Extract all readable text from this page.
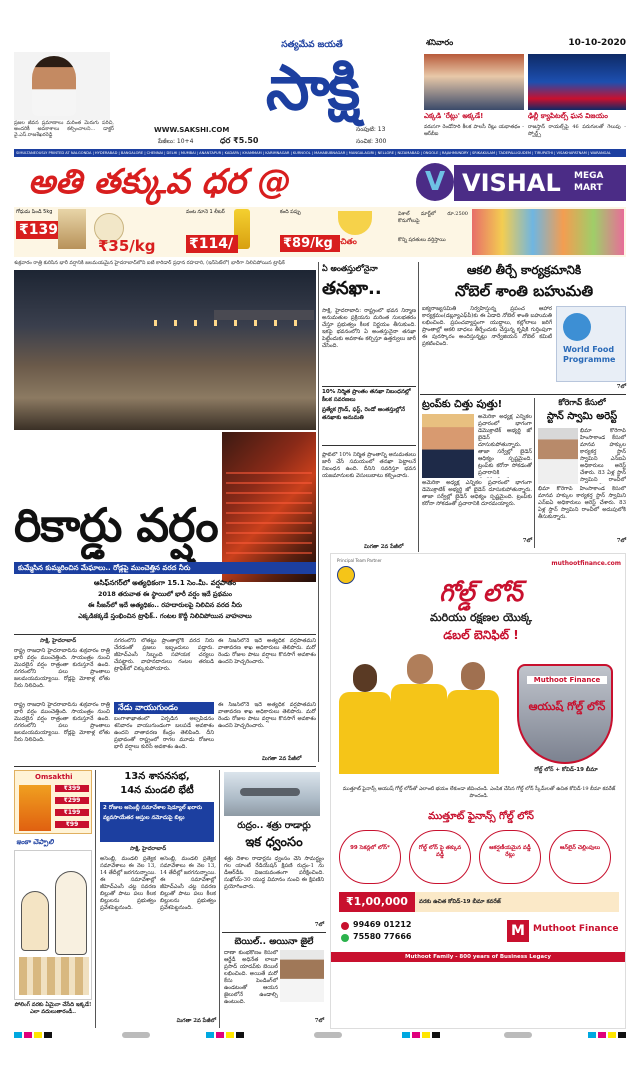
ప్రజల జీవన ప్రమాణాలు మరింత మెరుగు పరిచి, అందరికీ అవకాశాలు కల్పించాలని... డాక్టర్ వై.ఎస్.రాజశేఖరరెడ్డి
సత్యమేవ జయతే
సాక్షి
WWW.SAKSHI.COM
పేజీలు: 10+4	ధర ₹5.50
సంపుటి: 13
సంచిక: 300
శనివారం	10-10-2020
ఎక్కడి 'రేట్లు' అక్కడే!
వరుసగా రెండోసారి కీలక పాలసీ రేట్లు యథాతథం - ఆర్‌బీఐ
ఢిల్లీ క్యాపిటల్స్ ఘన విజయం
రాజస్తాన్ రాయల్స్‌పై 46 పరుగులతో గెలుపు - స్పోర్ట్స్
SIMULTANEOUSLY PRINTED AT NALGONDA | HYDERABAD | BANGALORE | CHENNAI | DELHI | MUMBAI | ANANTAPUR | KADAPA | KHAMMAM | KARIMNAGAR | KURNOOL | MAHABUBNAGAR | MANGALAGIRI | NELLORE | NIZAMABAD | ONGOLE | RAJAHMUNDRY | SRIKAKULAM | TADEPALLIGUDEM | TIRUPATHI | VISAKHAPATNAM | WARANGAL
అతి తక్కువ ధర @	V VISHAL	MEGA MART
గోధుమ పిండి 5kg
₹139
₹35/kg
వంట నూనె 1 లీటర్
₹114/
కంది పప్పు
₹89/kg ఉచితం
విశాల్ మార్ట్‌లో రూ.2500 కొనుగోలుపై
కొన్ని షరతులు వర్తిస్తాయి
శుక్రవారం రాత్రి కురిసిన భారీ వర్షానికి జలమయమైన హైదరాబాద్‌లోని ఐటీ కారిడార్ ప్రధాన రహదారి, (ఇన్‌సెట్‌లో) భారీగా నిలిచిపోయిన ట్రాఫిక్
రికార్డు వర్షం
కుమ్మేసిన కుమ్మరించిన మేఘాలు.. రోడ్లపై ముంచెత్తిన వరద నీరు
ఆసిఫ్‌నగర్‌లో అత్యధికంగా 15.1 సెం.మీ. వర్షపాతం
2018 తరువాత ఈ స్థాయిలో భారీ వర్షం ఇదే ప్రథమం
ఈ సీజన్‌లో ఇదే అత్యధికం.. రహదారులపై నిలిచిన వరద నీరు
ఎక్కడికక్కడే స్తంభించిన ట్రాఫిక్.. గంటల కొద్దీ నిలిచిపోయిన వాహనాలు
సాక్షి, హైదరాబాద్
రాష్ట్ర రాజధాని హైదరాబాద్‌ను శుక్రవారం రాత్రి భారీ వర్షం ముంచెత్తింది. సాయంత్రం నుంచి మొదలైన వర్షం రాత్రంతా కురుస్తూనే ఉంది. నగరంలోని పలు ప్రాంతాలు జలమయమయ్యాయి. రోడ్లపై మోకాళ్ల లోతు నీరు నిలిచింది.
నగరంలోని లోతట్టు ప్రాంతాల్లోకి వరద నీరు చేరడంతో ప్రజలు ఇబ్బందులు పడ్డారు. జీహెచ్ఎంసీ సిబ్బంది సహాయక చర్యలు చేపట్టారు. వాహనదారులు గంటల తరబడి ట్రాఫిక్‌లో చిక్కుకుపోయారు.
ఈ సీజన్‌లోనే ఇదే అత్యధిక వర్షపాతమని వాతావరణ శాఖ అధికారులు తెలిపారు. మరో రెండు రోజుల పాటు వర్షాలు కొనసాగే అవకాశం ఉందని హెచ్చరించారు.
నేడు వాయుగుండం
బంగాళాఖాతంలో ఏర్పడిన అల్పపీడనం శనివారం వాయుగుండంగా బలపడే అవకాశం ఉందని వాతావరణ కేంద్రం తెలిపింది. దీని ప్రభావంతో రాష్ట్రంలో రాగల మూడు రోజులు భారీ వర్షాలు కురిసే అవకాశం ఉంది.
రాష్ట్ర రాజధాని హైదరాబాద్‌ను శుక్రవారం రాత్రి భారీ వర్షం ముంచెత్తింది. సాయంత్రం నుంచి మొదలైన వర్షం రాత్రంతా కురుస్తూనే ఉంది. నగరంలోని పలు ప్రాంతాలు జలమయమయ్యాయి. రోడ్లపై మోకాళ్ల లోతు నీరు నిలిచింది.
ఈ సీజన్‌లోనే ఇదే అత్యధిక వర్షపాతమని వాతావరణ శాఖ అధికారులు తెలిపారు. మరో రెండు రోజుల పాటు వర్షాలు కొనసాగే అవకాశం ఉందని హెచ్చరించారు.
మిగతా 2వ పేజీలో
ఏ అంతస్తులోనైనా
తనఖా..
సాక్షి, హైదరాబాద్: రాష్ట్రంలో భవన నిర్మాణ అనుమతుల ప్రక్రియను మరింత సులభతరం చేస్తూ ప్రభుత్వం కీలక నిర్ణయం తీసుకుంది. ఇకపై భవనంలోని ఏ అంతస్తునైనా తనఖా పెట్టేందుకు అవకాశం కల్పిస్తూ ఉత్తర్వులు జారీ చేసింది.
10% నిర్మిత ప్రాంతం తనఖా నిబంధనల్లో కీలక సవరణలు
ప్రత్యేక గ్రౌండ్, ఫస్ట్, రెండో అంతస్తుల్లోనే తనఖాకు అనుమతి
ప్లాట్‌లో 10% నిర్మిత ప్రాంతాన్ని అనుమతులు జారీ చేసే సమయంలో తనఖా పెట్టాలనే నిబంధన ఉంది. దీనిని సవరిస్తూ భవన యజమానులకు వెసులుబాటు కల్పించారు.
మిగతా 2వ పేజీలో
ఆకలి తీర్చే కార్యక్రమానికి
నోబెల్ శాంతి బహుమతి
ఐక్యరాజ్యసమితి నిర్వహిస్తున్న ప్రపంచ ఆహార కార్యక్రమం(డబ్ల్యూఎఫ్‌పీ)కు ఈ ఏడాది నోబెల్ శాంతి బహుమతి లభించింది. ప్రపంచవ్యాప్తంగా యుద్ధాలు, కల్లోలాలు జరిగే ప్రాంతాల్లో ఆకలి బాధలు తీర్చేందుకు చేస్తున్న కృషికి గుర్తింపుగా ఈ పురస్కారం అందిస్తున్నట్లు నార్వేజియన్ నోబెల్ కమిటీ ప్రకటించింది.
World Food Programme
7లో
ట్రంప్‌కు చిత్తు పుత్తు!
అమెరికా అధ్యక్ష ఎన్నికల ప్రచారంలో భాగంగా డెమొక్రాటిక్ అభ్యర్థి జో బైడెన్ దూసుకుపోతున్నారు. తాజా సర్వేల్లో బైడెన్ ఆధిక్యం స్పష్టమైంది. ట్రంప్‌కు కరోనా సోకడంతో ప్రచారానికి
అమెరికా అధ్యక్ష ఎన్నికల ప్రచారంలో భాగంగా డెమొక్రాటిక్ అభ్యర్థి జో బైడెన్ దూసుకుపోతున్నారు. తాజా సర్వేల్లో బైడెన్ ఆధిక్యం స్పష్టమైంది. ట్రంప్‌కు కరోనా సోకడంతో ప్రచారానికి దూరమయ్యారు.
7లో
కోరెగావ్ కేసులో
స్టాన్ స్వామి అరెస్ట్
భీమా కోరెగావ్ హింసాకాండ కేసులో మానవ హక్కుల కార్యకర్త స్టాన్ స్వామిని ఎన్‌ఐఏ అధికారులు అరెస్ట్ చేశారు. 83 ఏళ్ల స్టాన్ స్వామిని రాంచీలో
భీమా కోరెగావ్ హింసాకాండ కేసులో మానవ హక్కుల కార్యకర్త స్టాన్ స్వామిని ఎన్‌ఐఏ అధికారులు అరెస్ట్ చేశారు. 83 ఏళ్ల స్టాన్ స్వామిని రాంచీలో అదుపులోకి తీసుకున్నారు.
7లో
Principal Team Partner	muthootfinance.com
గోల్డ్ లోన్
మరియు రక్షణల యొక్క
డబల్ బెనిఫిట్ !
Muthoot Finance
ఆయుష్ గోల్డ్ లోన్
గోల్డ్ లోన్ + కోవిడ్-19 బీమా
ముత్తూట్ ఫైనాన్స్ ఆయుష్ గోల్డ్ లోన్‌తో ఎలాంటి భయం లేకుండా జీవించండి. ఎంపిక చేసిన గోల్డ్ లోన్ స్కీమ్‌లతో ఉచిత కోవిడ్-19 బీమా కవరేజ్ పొందండి.
ముత్తూట్ ఫైనాన్స్ గోల్డ్ లోన్
99 సెకన్లలో లోన్*	గోల్డ్ లోన్ పై తక్కువ వడ్డీ
ఆకర్షణీయమైన వడ్డీ రేట్లు
ఆన్‌లైన్ చెల్లింపులు
₹1,00,000	వరకు ఉచిత కోవిడ్-19 బీమా కవరేజ్
99469 01212
75580 77666	M Muthoot Finance
Muthoot Family - 800 years of Business Legacy
Omsakthi
₹399
₹299
₹199
₹99
ఇంకా చెప్పాలి
పోలింగ్ వరకు ఏమైనా చేసేది ఇక్కడే! ఎలా వదులుతారండీ..
13న శాసనసభ,
14న మండలి భేటీ
2 రోజుల అసెంబ్లీ సమావేశాల షెడ్యూల్ ఖరారు
వ్యవసాయేతర ఆస్తుల నమోదుపై బిల్లు
సాక్షి, హైదరాబాద్
అసెంబ్లీ, మండలి ప్రత్యేక సమావేశాలు ఈ నెల 13, 14 తేదీల్లో జరగనున్నాయి. ఈ సమావేశాల్లో జీహెచ్ఎంసీ చట్ట సవరణ బిల్లుతో పాటు పలు కీలక బిల్లులను ప్రభుత్వం ప్రవేశపెట్టనుంది.
అసెంబ్లీ, మండలి ప్రత్యేక సమావేశాలు ఈ నెల 13, 14 తేదీల్లో జరగనున్నాయి. ఈ సమావేశాల్లో జీహెచ్ఎంసీ చట్ట సవరణ బిల్లుతో పాటు పలు కీలక బిల్లులను ప్రభుత్వం ప్రవేశపెట్టనుంది.
మిగతా 2వ పేజీలో
రుద్రం.. శత్రు రాడార్లు
ఇక ధ్వంసం
శత్రు దేశాల రాడార్లను ధ్వంసం చేసే సామర్థ్యం గల యాంటీ రేడియేషన్ క్షిపణి రుద్రం-1 ను డీఆర్‌డీఓ విజయవంతంగా పరీక్షించింది. సుఖోయ్-30 యుద్ధ విమానం నుంచి ఈ క్షిపణిని ప్రయోగించారు.
7లో
బెయిల్.. అయినా జైలే
దాణా కుంభకోణం కేసులో ఆర్జేడీ అధినేత లాలూ ప్రసాద్ యాదవ్‌కు బెయిల్ లభించింది. అయితే మరో కేసు పెండింగ్‌లో ఉండటంతో ఆయన జైలులోనే ఉండాల్సి ఉంటుంది.
7లో
